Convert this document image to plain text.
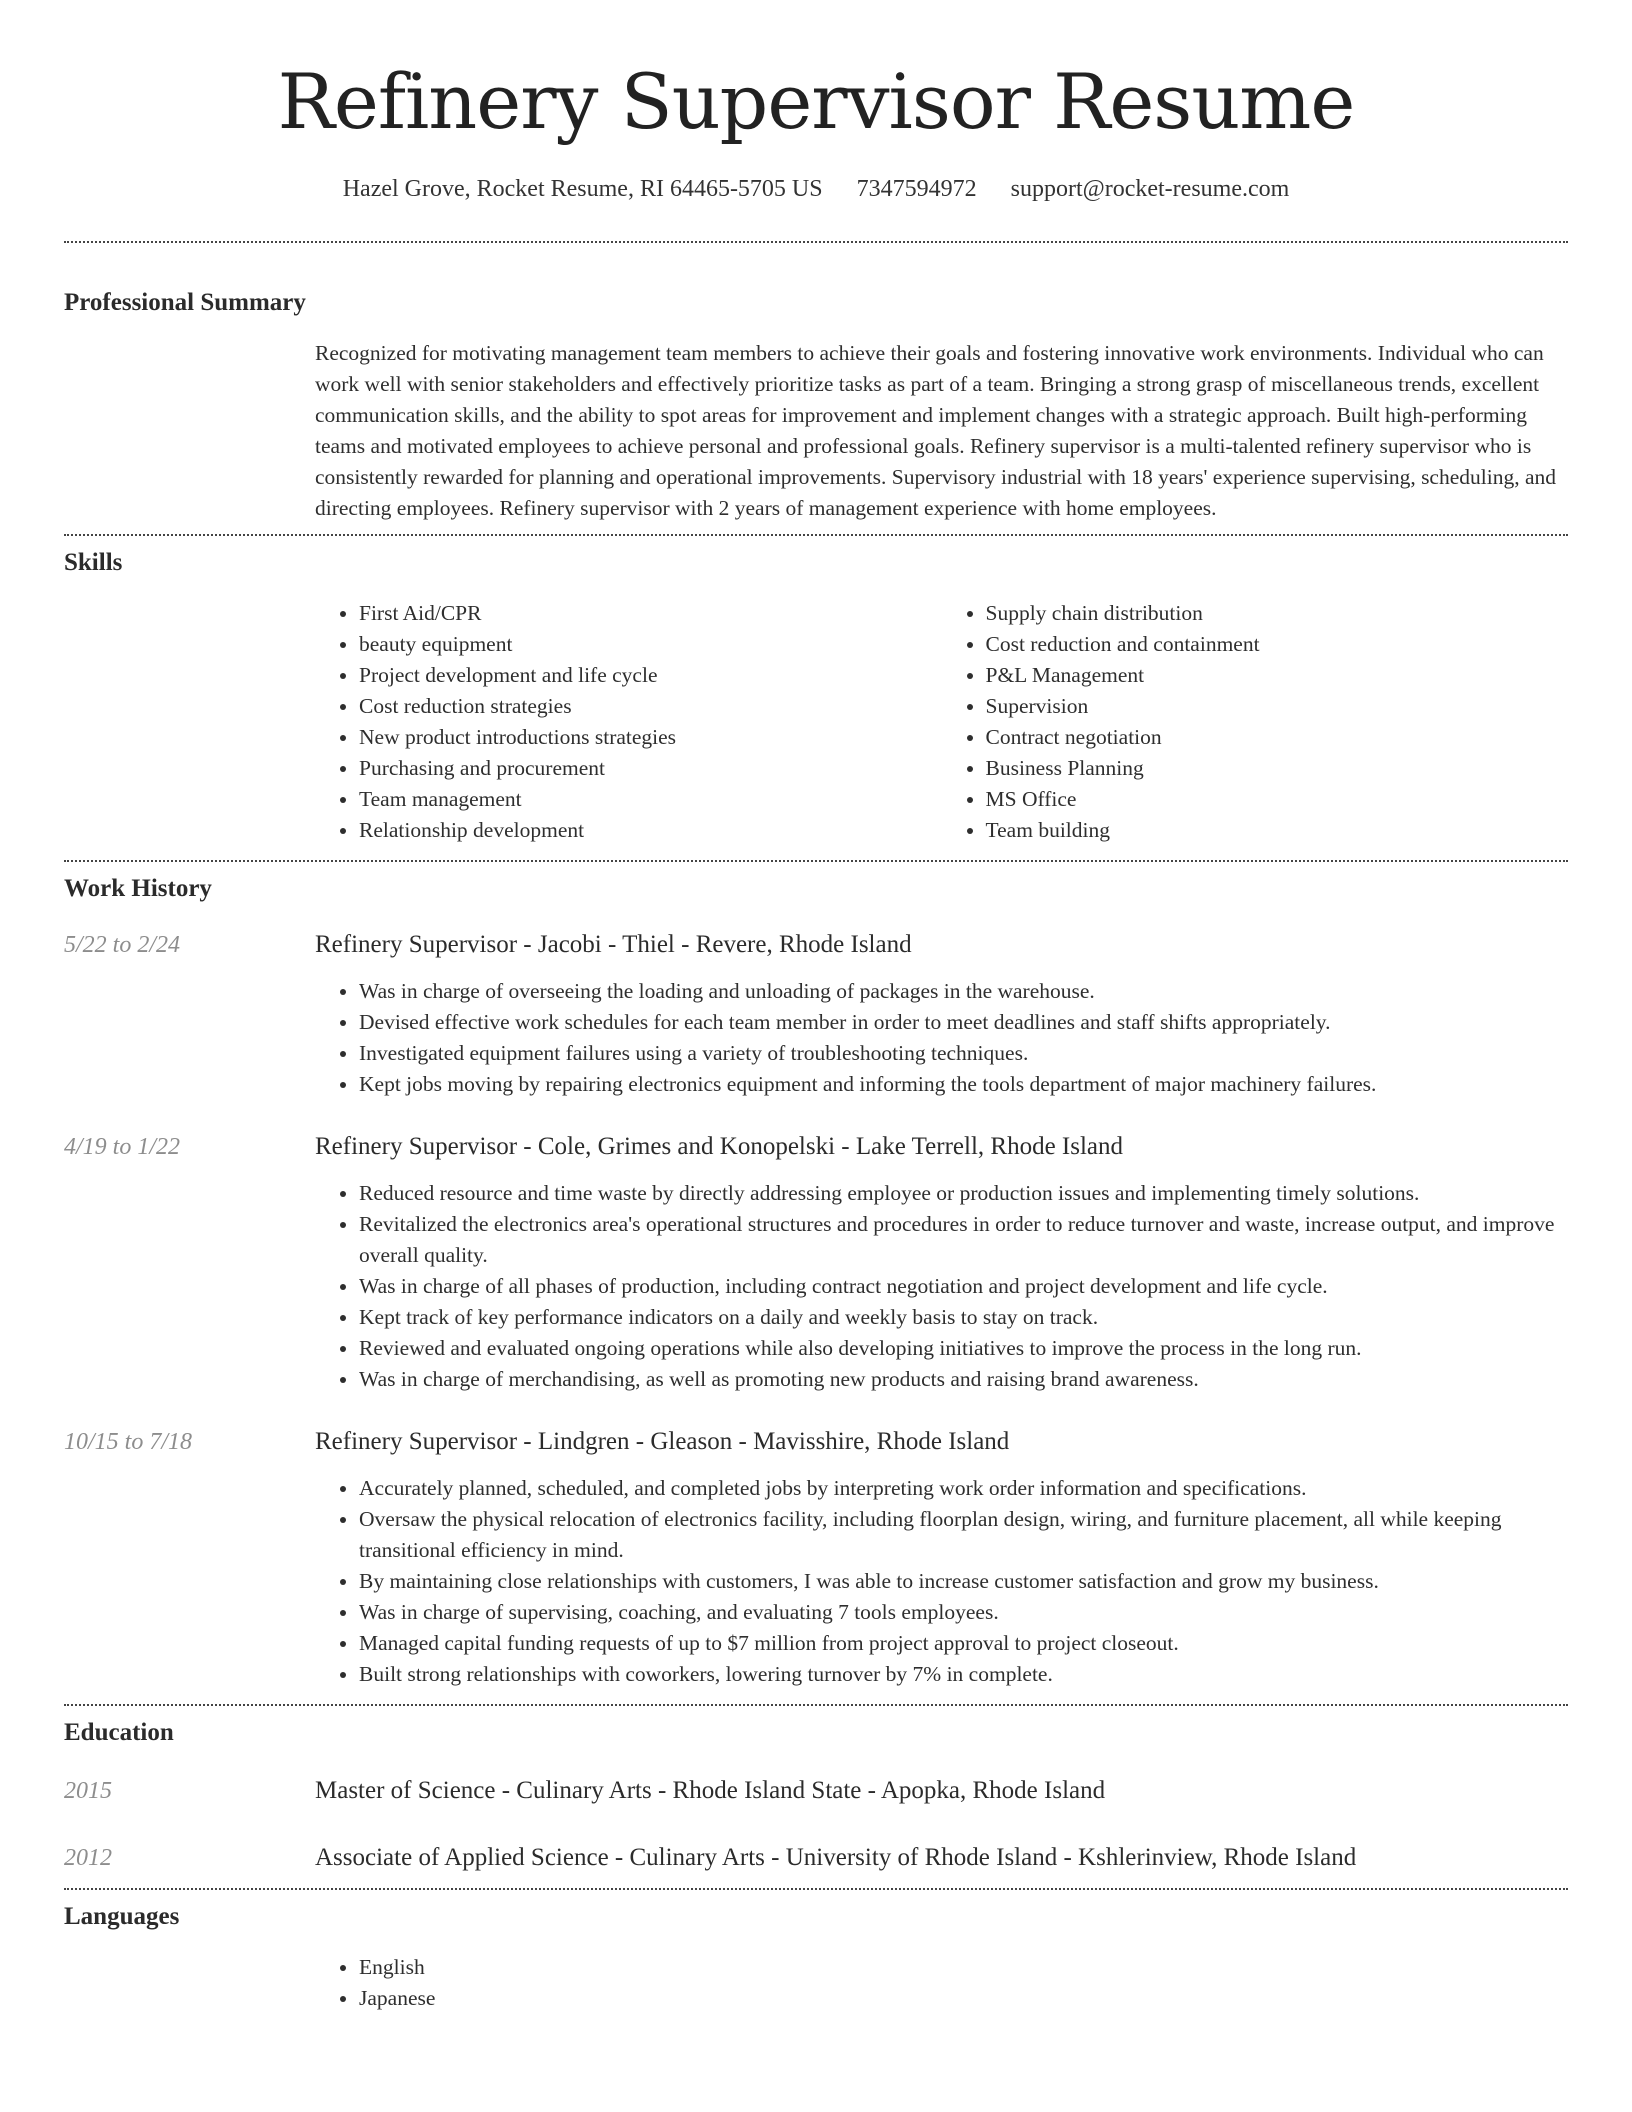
Refinery Supervisor Resume
Hazel Grove, Rocket Resume, RI 64465-5705 US 7347594972 support@rocket-resume.com
Professional Summary

Recognized for motivating management team members to achieve their goals and fostering innovative work environments. Individual who can work well with senior stakeholders and effectively prioritize tasks as part of a team. Bringing a strong grasp of miscellaneous trends, excellent communication skills, and the ability to spot areas for improvement and implement changes with a strategic approach. Built high-performing teams and motivated employees to achieve personal and professional goals. Refinery supervisor is a multi-talented refinery supervisor who is consistently rewarded for planning and operational improvements. Supervisory industrial with 18 years' experience supervising, scheduling, and directing employees. Refinery supervisor with 2 years of management experience with home employees.

Skills
• First Aid/CPR
• beauty equipment
• Project development and life cycle
• Cost reduction strategies
• New product introductions strategies
• Purchasing and procurement
• Team management
• Relationship development
• Supply chain distribution
• Cost reduction and containment
• P&L Management
• Supervision
• Contract negotiation
• Business Planning
• MS Office
• Team building
Work History
5/22 to 2/24	Refinery Supervisor - Jacobi - Thiel - Revere, Rhode Island
• Was in charge of overseeing the loading and unloading of packages in the warehouse.
• Devised effective work schedules for each team member in order to meet deadlines and staff shifts appropriately.
• Investigated equipment failures using a variety of troubleshooting techniques.
• Kept jobs moving by repairing electronics equipment and informing the tools department of major machinery failures.
4/19 to 1/22	Refinery Supervisor - Cole, Grimes and Konopelski - Lake Terrell, Rhode Island
• Reduced resource and time waste by directly addressing employee or production issues and implementing timely solutions.
• Revitalized the electronics area's operational structures and procedures in order to reduce turnover and waste, increase output, and improve overall quality.
• Was in charge of all phases of production, including contract negotiation and project development and life cycle.
• Kept track of key performance indicators on a daily and weekly basis to stay on track.
• Reviewed and evaluated ongoing operations while also developing initiatives to improve the process in the long run.
• Was in charge of merchandising, as well as promoting new products and raising brand awareness.
10/15 to 7/18	Refinery Supervisor - Lindgren - Gleason - Mavisshire, Rhode Island
• Accurately planned, scheduled, and completed jobs by interpreting work order information and specifications.
• Oversaw the physical relocation of electronics facility, including floorplan design, wiring, and furniture placement, all while keeping transitional efficiency in mind.
• By maintaining close relationships with customers, I was able to increase customer satisfaction and grow my business.
• Was in charge of supervising, coaching, and evaluating 7 tools employees.
• Managed capital funding requests of up to $7 million from project approval to project closeout.
• Built strong relationships with coworkers, lowering turnover by 7% in complete.
Education
2015	Master of Science - Culinary Arts - Rhode Island State - Apopka, Rhode Island
2012	Associate of Applied Science - Culinary Arts - University of Rhode Island - Kshlerinview, Rhode Island
Languages
• English
• Japanese
